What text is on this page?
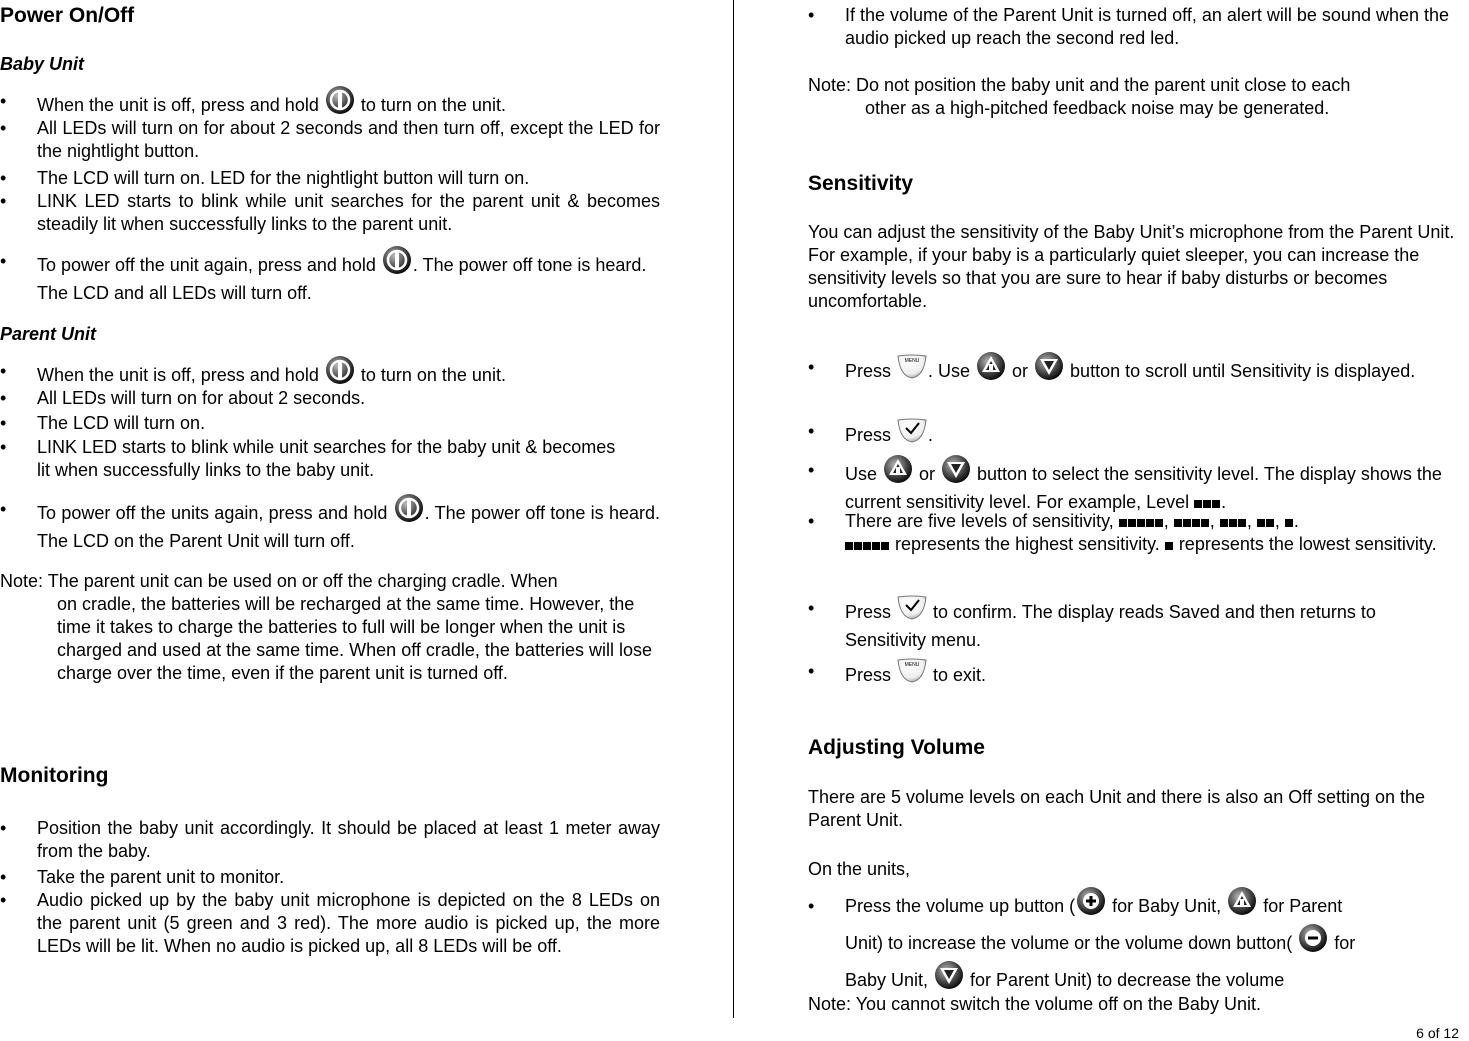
Power On/Off
Baby Unit
• When the unit is off, press and hold
to turn on the unit.
• All LEDs will turn on for about 2 seconds and then turn off, except the LED for the nightlight button.
• The LCD will turn on. LED for the nightlight button will turn on.
• LINK LED starts to blink while unit searches for the parent unit & becomes steadily lit when successfully links to the parent unit.
• To power off the unit again, press and hold
. The power off tone is heard. The LCD and all LEDs will turn off.
Parent Unit
• When the unit is off, press and hold
to turn on the unit.
• All LEDs will turn on for about 2 seconds.
• The LCD will turn on.
• LINK LED starts to blink while unit searches for the baby unit & becomes lit when successfully links to the baby unit.
• To power off the units again, press and hold
. The power off tone is heard. The LCD on the Parent Unit will turn off.
Note: The parent unit can be used on or off the charging cradle. When
on cradle, the batteries will be recharged at the same time. However, the time it takes to charge the batteries to full will be longer when the unit is charged and used at the same time. When off cradle, the batteries will lose charge over the time, even if the parent unit is turned off.
Monitoring
• Position the baby unit accordingly. It should be placed at least 1 meter away from the baby.
• Take the parent unit to monitor.
• Audio picked up by the baby unit microphone is depicted on the 8 LEDs on the parent unit (5 green and 3 red). The more audio is picked up, the more LEDs will be lit. When no audio is picked up, all 8 LEDs will be off.
• If the volume of the Parent Unit is turned off, an alert will be sound when the audio picked up reach the second red led.
Note: Do not position the baby unit and the parent unit close to each
other as a high-pitched feedback noise may be generated.
Sensitivity
You can adjust the sensitivity of the Baby Unit’s microphone from the Parent Unit. For example, if your baby is a particularly quiet sleeper, you can increase the sensitivity levels so that you are sure to hear if baby disturbs or becomes uncomfortable.
• Press MENU . Use
or
button to scroll until Sensitivity is displayed.
• Press
.
• Use
or
button to select the sensitivity level. The display shows the current sensitivity level. For example, Level .
• There are five levels of sensitivity,	, , , , .
represents the highest sensitivity.  represents the lowest sensitivity.
• Press
to confirm. The display reads Saved and then returns to Sensitivity menu.
• Press MENU to exit.
Adjusting Volume
There are 5 volume levels on each Unit and there is also an Off setting on the Parent Unit.
On the units,
• Press the volume up button (
for Baby Unit,
for Parent
Unit) to increase the volume or the volume down button(
for
Baby Unit,
for Parent Unit) to decrease the volume
Note: You cannot switch the volume off on the Baby Unit.
6 of 12
